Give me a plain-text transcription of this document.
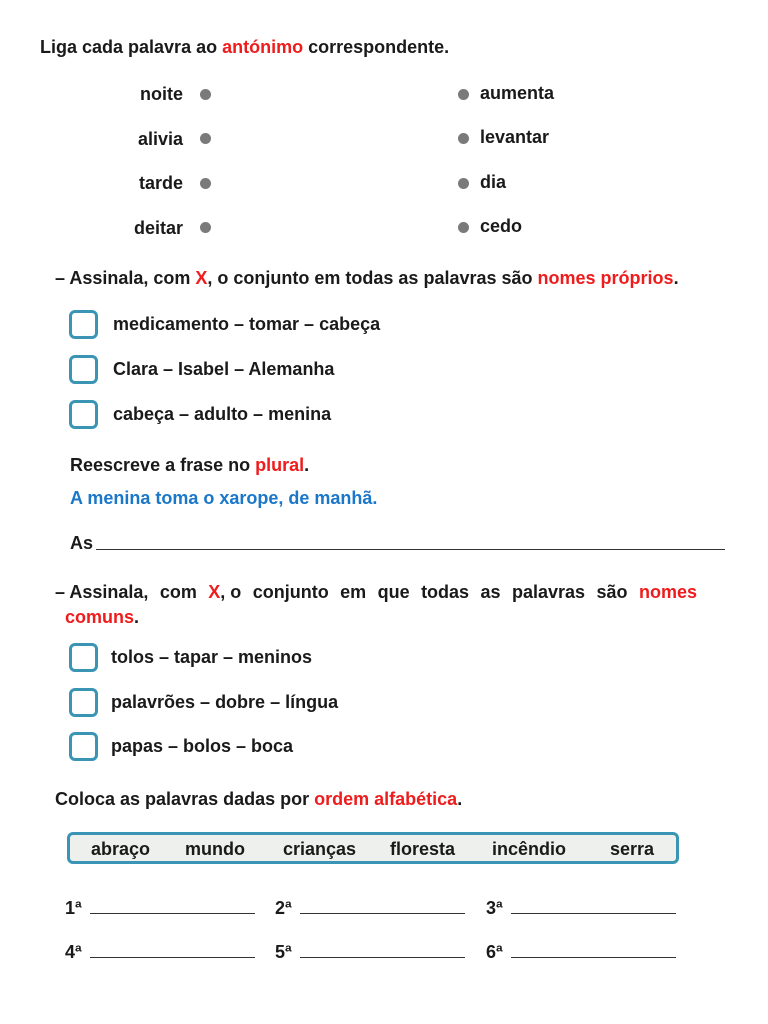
Liga cada palavra ao antónimo correspondente.
noite
alivia
tarde
deitar
aumenta
levantar
dia
cedo
– Assinala, com X, o conjunto em todas as palavras são nomes próprios.
medicamento – tomar – cabeça
Clara – Isabel – Alemanha
cabeça – adulto – menina
Reescreve a frase no plural.
A menina toma o xarope, de manhã.
As
– Assinala, com X, o conjunto em que todas as palavras são nomes
comuns.
tolos – tapar – meninos
palavrões – dobre – língua
papas – bolos – boca
Coloca as palavras dadas por ordem alfabética.
abraço mundo crianças floresta incêndio serra
1ª	2ª	3ª
4ª	5ª	6ª
